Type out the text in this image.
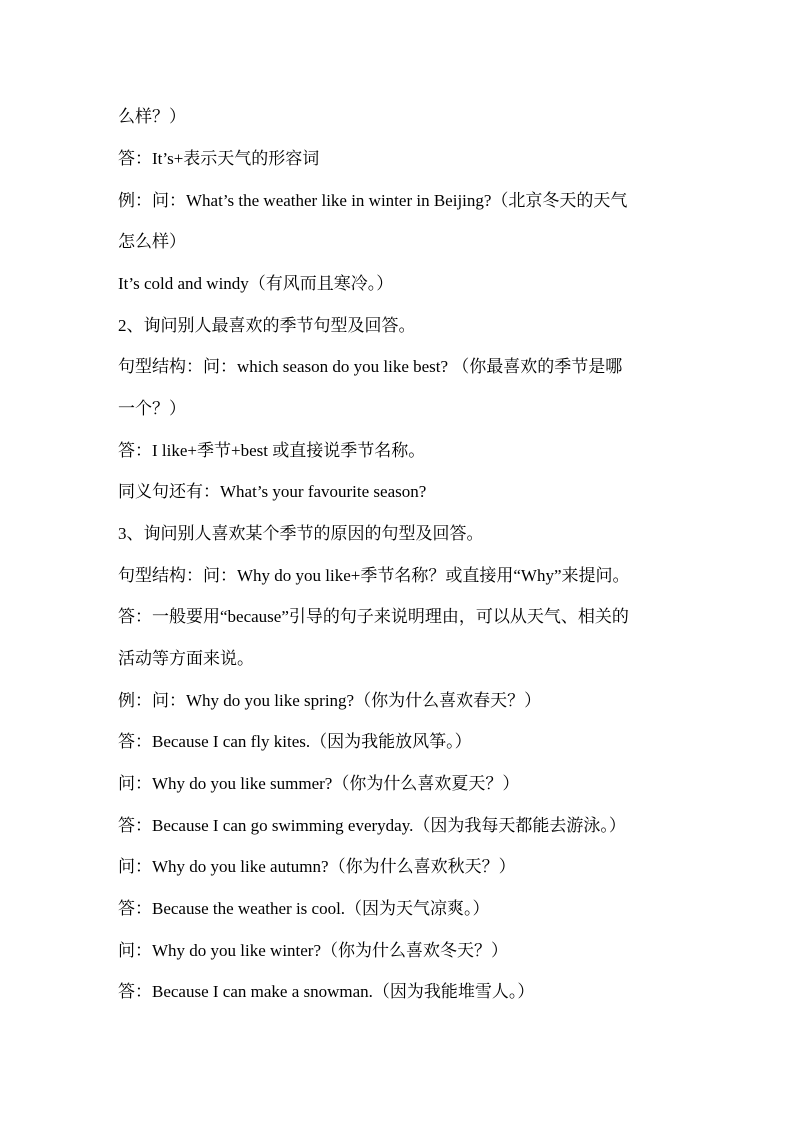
么样？）
答：It’s+表示天气的形容词
例：问：What’s the weather like in winter in Beijing?（北京冬天的天气
怎么样）
It’s cold and windy（有风而且寒冷。）
2、询问别人最喜欢的季节句型及回答。
句型结构：问：which season do you like best? （你最喜欢的季节是哪
一个？）
答：I like+季节+best 或直接说季节名称。
同义句还有：What’s your favourite season?
3、询问别人喜欢某个季节的原因的句型及回答。
句型结构：问：Why do you like+季节名称？或直接用“Why”来提问。
答：一般要用“because”引导的句子来说明理由，可以从天气、相关的
活动等方面来说。
例：问：Why do you like spring?（你为什么喜欢春天？）
答：Because I can fly kites.（因为我能放风筝。）
问：Why do you like summer?（你为什么喜欢夏天？）
答：Because I can go swimming everyday.（因为我每天都能去游泳。）
问：Why do you like autumn?（你为什么喜欢秋天？）
答：Because the weather is cool.（因为天气凉爽。）
问：Why do you like winter?（你为什么喜欢冬天？）
答：Because I can make a snowman.（因为我能堆雪人。）
